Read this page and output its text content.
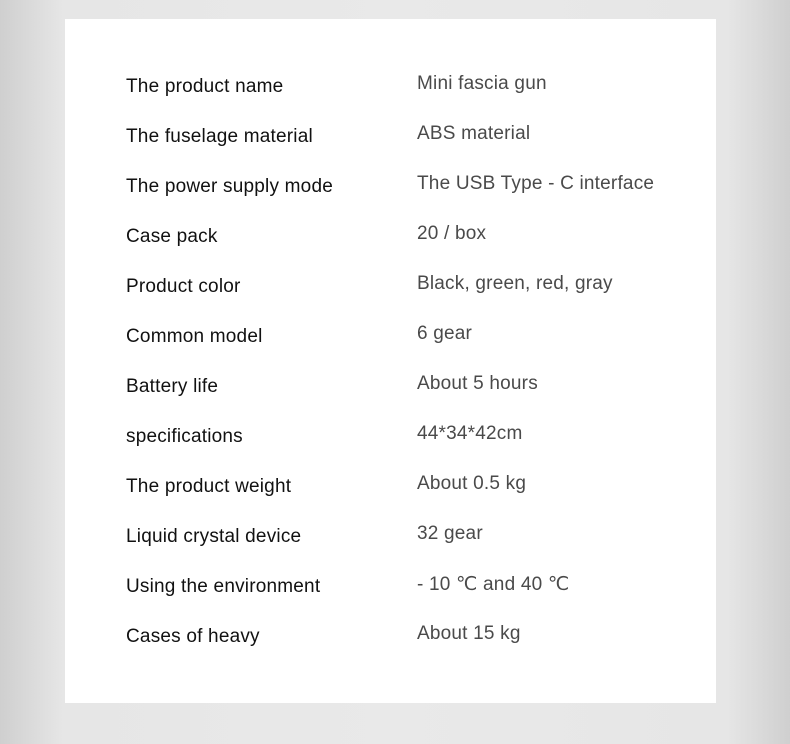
The product name	Mini fascia gun
The fuselage material	ABS material
The power supply mode	The USB Type - C interface
Case pack	20 / box
Product color	Black, green, red, gray
Common model	6 gear
Battery life	About 5 hours
specifications	44*34*42cm
The product weight	About 0.5 kg
Liquid crystal device	32 gear
Using the environment	- 10 ℃ and 40 ℃
Cases of heavy	About 15 kg
